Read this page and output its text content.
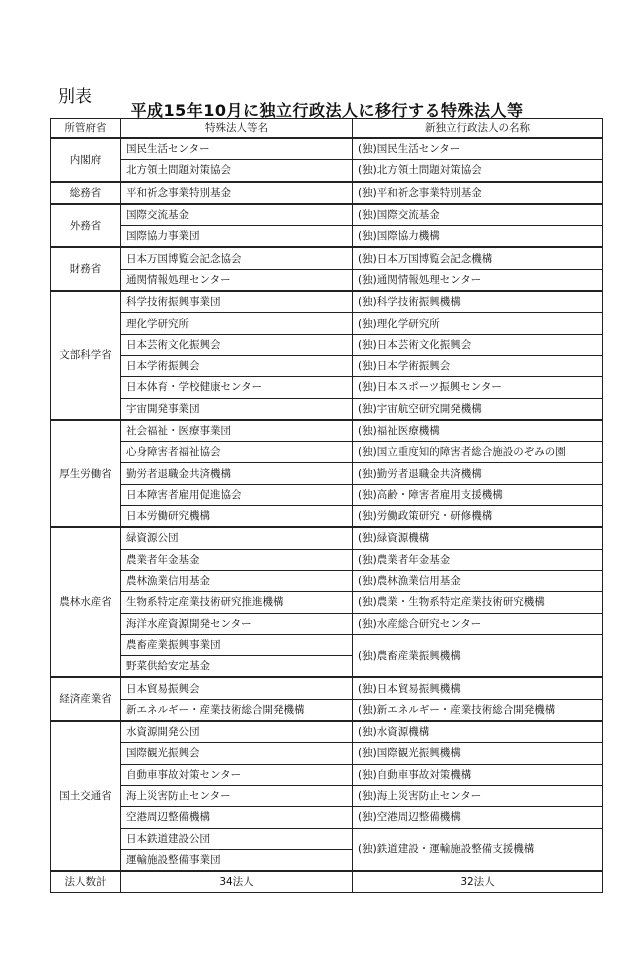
別表
平成15年10月に独立行政法人に移行する特殊法人等
所管府省	特殊法人等名	新独立行政法人の名称
内閣府	国民生活センター	(独)国民生活センター
	北方領土問題対策協会	(独)北方領土問題対策協会
総務省	平和祈念事業特別基金	(独)平和祈念事業特別基金
外務省	国際交流基金	(独)国際交流基金
	国際協力事業団	(独)国際協力機構
財務省	日本万国博覧会記念協会	(独)日本万国博覧会記念機構
	通関情報処理センター	(独)通関情報処理センター
文部科学省	科学技術振興事業団	(独)科学技術振興機構
	理化学研究所	(独)理化学研究所
	日本芸術文化振興会	(独)日本芸術文化振興会
	日本学術振興会	(独)日本学術振興会
	日本体育・学校健康センター	(独)日本スポーツ振興センター
	宇宙開発事業団	(独)宇宙航空研究開発機構
厚生労働省	社会福祉・医療事業団	(独)福祉医療機構
	心身障害者福祉協会	(独)国立重度知的障害者総合施設のぞみの園
	勤労者退職金共済機構	(独)勤労者退職金共済機構
	日本障害者雇用促進協会	(独)高齢・障害者雇用支援機構
	日本労働研究機構	(独)労働政策研究・研修機構
農林水産省	緑資源公団	(独)緑資源機構
	農業者年金基金	(独)農業者年金基金
	農林漁業信用基金	(独)農林漁業信用基金
	生物系特定産業技術研究推進機構	(独)農業・生物系特定産業技術研究機構
	海洋水産資源開発センター	(独)水産総合研究センター
	農畜産業振興事業団	(独)農畜産業振興機構
	野菜供給安定基金	
経済産業省	日本貿易振興会	(独)日本貿易振興機構
	新エネルギー・産業技術総合開発機構	(独)新エネルギー・産業技術総合開発機構
国土交通省	水資源開発公団	(独)水資源機構
	国際観光振興会	(独)国際観光振興機構
	自動車事故対策センター	(独)自動車事故対策機構
	海上災害防止センター	(独)海上災害防止センター
	空港周辺整備機構	(独)空港周辺整備機構
	日本鉄道建設公団	(独)鉄道建設・運輸施設整備支援機構
	運輸施設整備事業団	
法人数計	34法人	32法人
